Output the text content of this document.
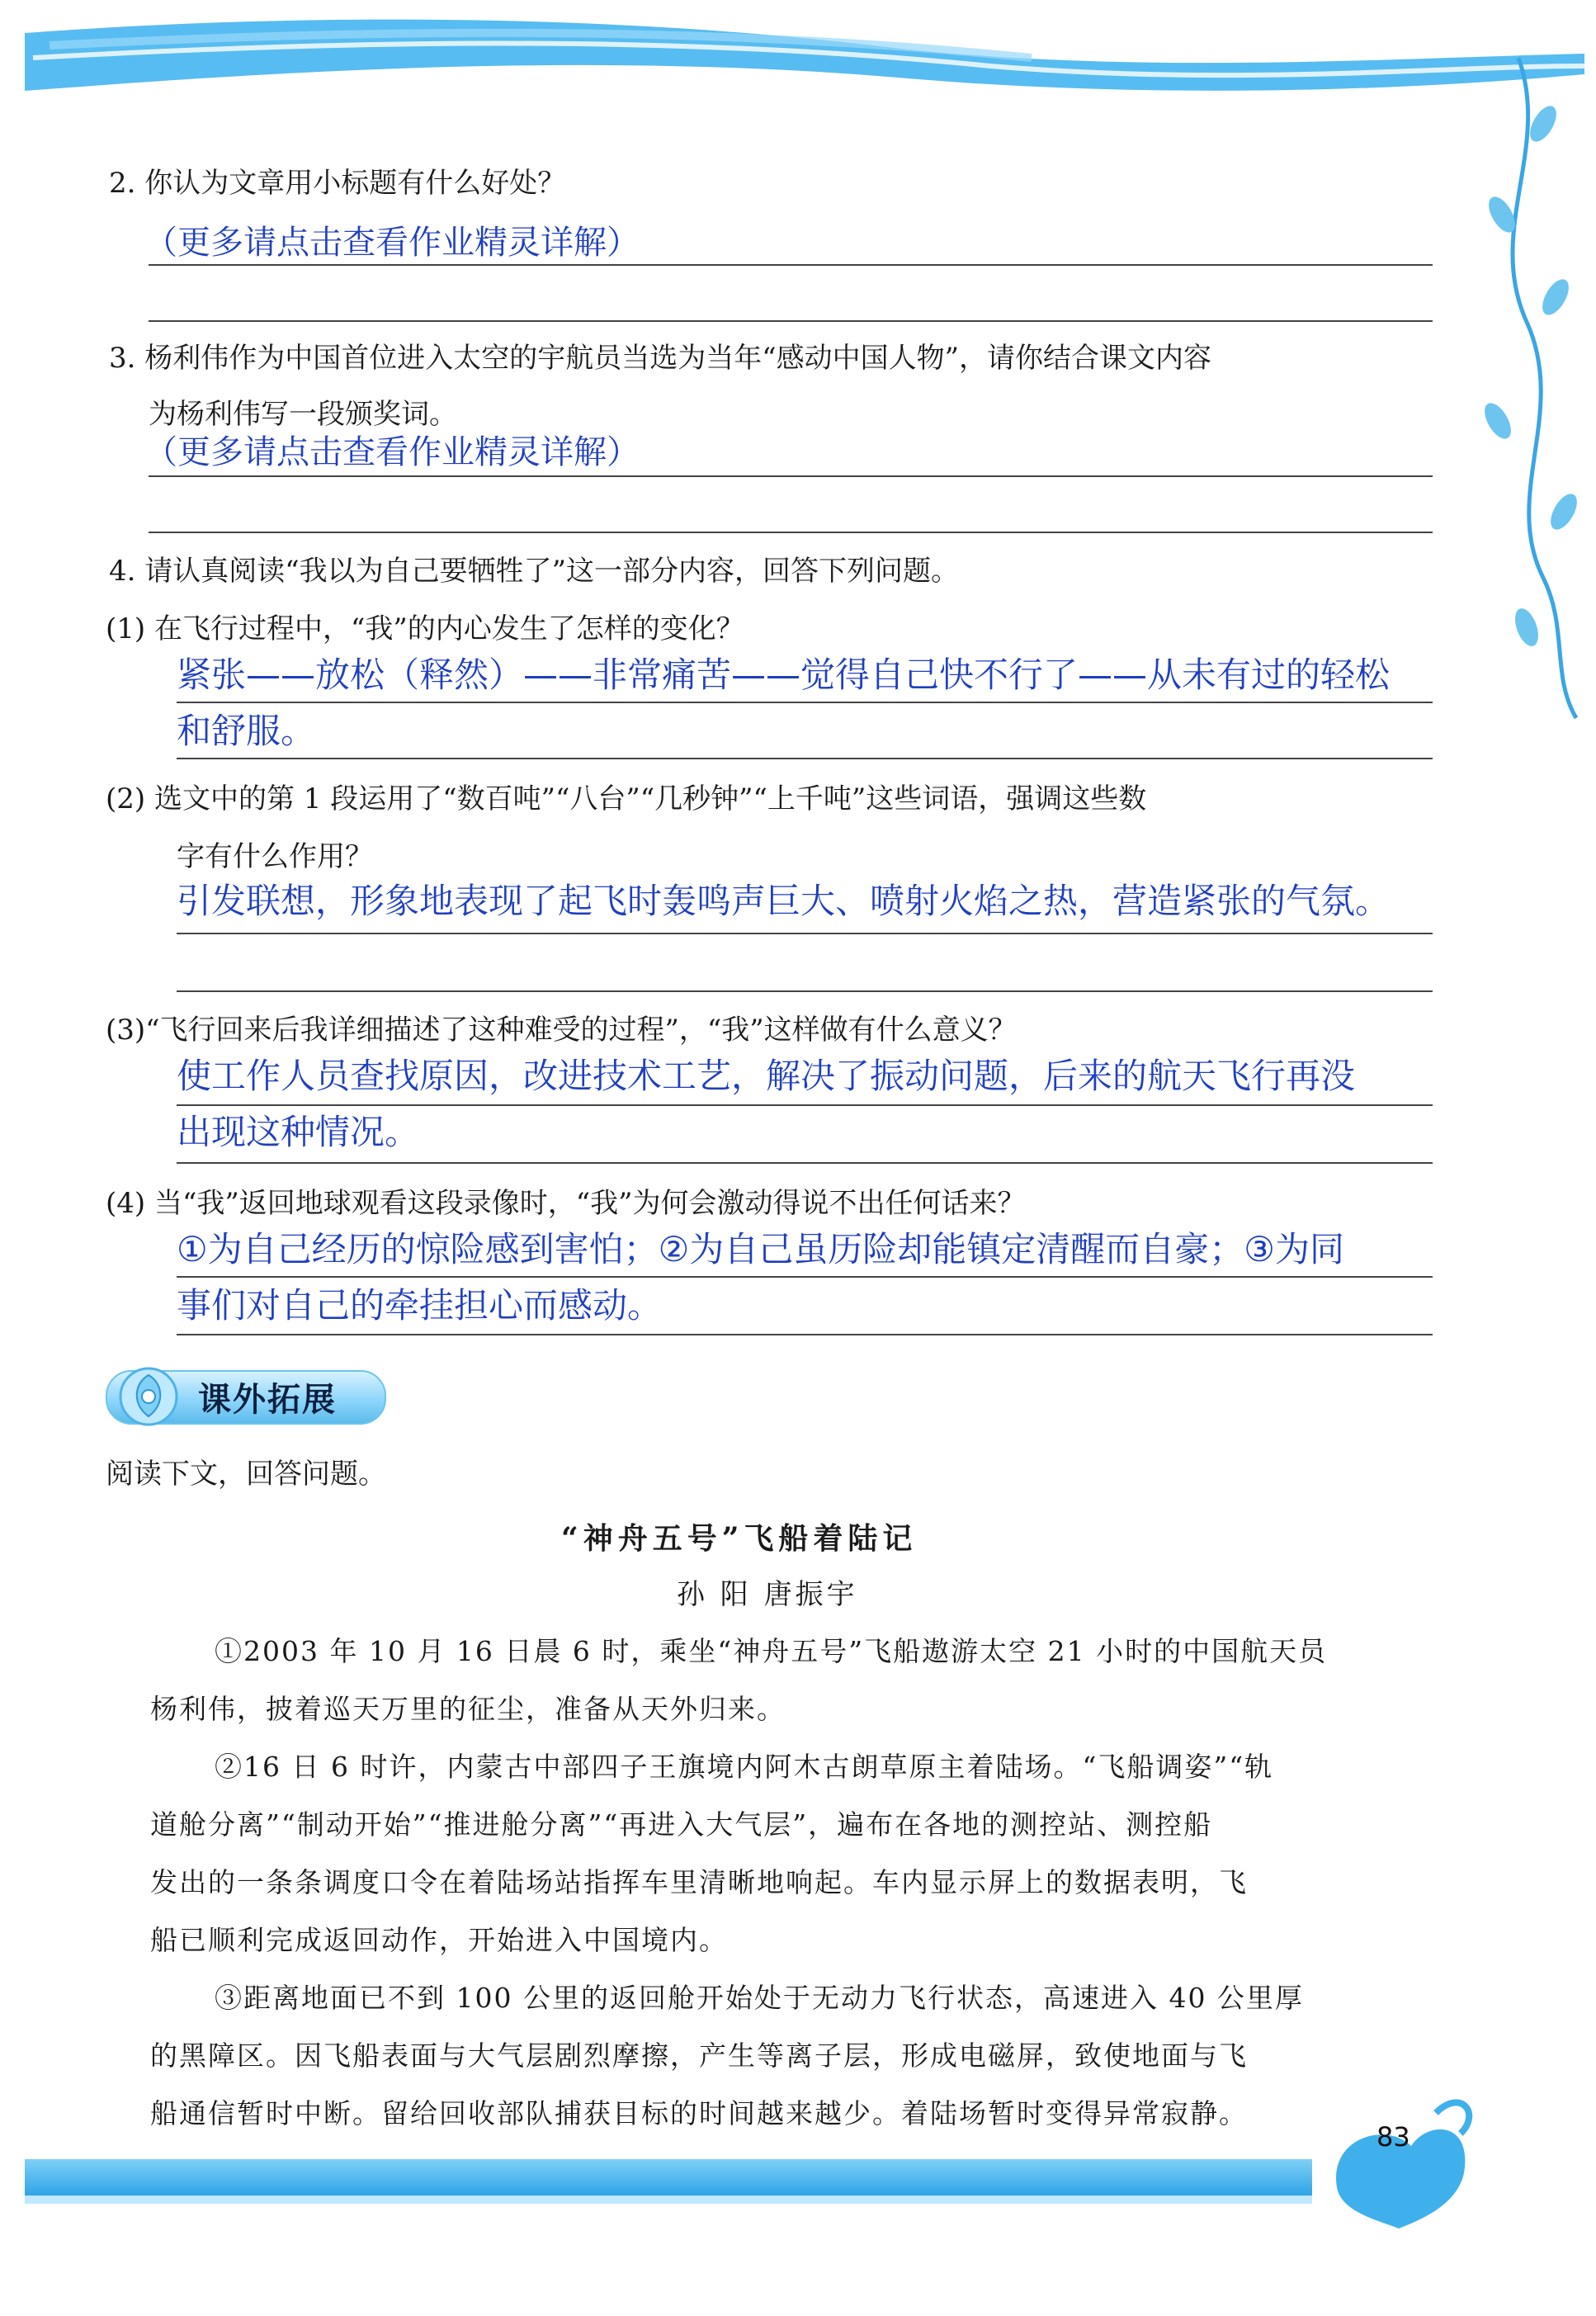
2. 你认为文章用小标题有什么好处？
（更多请点击查看作业精灵详解）
3. 杨利伟作为中国首位进入太空的宇航员当选为当年“感动中国人物”，请你结合课文内容
为杨利伟写一段颁奖词。
（更多请点击查看作业精灵详解）
4. 请认真阅读“我以为自己要牺牲了”这一部分内容，回答下列问题。
(1) 在飞行过程中，“我”的内心发生了怎样的变化？
紧张——放松（释然）——非常痛苦——觉得自己快不行了——从未有过的轻松
和舒服。
(2) 选文中的第 1 段运用了“数百吨”“八台”“几秒钟”“上千吨”这些词语，强调这些数
字有什么作用？
引发联想，形象地表现了起飞时轰鸣声巨大、喷射火焰之热，营造紧张的气氛。
(3)“飞行回来后我详细描述了这种难受的过程”，“我”这样做有什么意义？
使工作人员查找原因，改进技术工艺，解决了振动问题，后来的航天飞行再没
出现这种情况。
(4) 当“我”返回地球观看这段录像时，“我”为何会激动得说不出任何话来？
①为自己经历的惊险感到害怕；②为自己虽历险却能镇定清醒而自豪；③为同
事们对自己的牵挂担心而感动。
课外拓展
阅读下文，回答问题。
“神舟五号”飞船着陆记
孙 阳 唐振宇
①2003 年 10 月 16 日晨 6 时，乘坐“神舟五号”飞船遨游太空 21 小时的中国航天员
杨利伟，披着巡天万里的征尘，准备从天外归来。
②16 日 6 时许，内蒙古中部四子王旗境内阿木古朗草原主着陆场。“飞船调姿”“轨
道舱分离”“制动开始”“推进舱分离”“再进入大气层”，遍布在各地的测控站、测控船
发出的一条条调度口令在着陆场站指挥车里清晰地响起。车内显示屏上的数据表明，飞
船已顺利完成返回动作，开始进入中国境内。
③距离地面已不到 100 公里的返回舱开始处于无动力飞行状态，高速进入 40 公里厚
的黑障区。因飞船表面与大气层剧烈摩擦，产生等离子层，形成电磁屏，致使地面与飞
船通信暂时中断。留给回收部队捕获目标的时间越来越少。着陆场暂时变得异常寂静。
83
